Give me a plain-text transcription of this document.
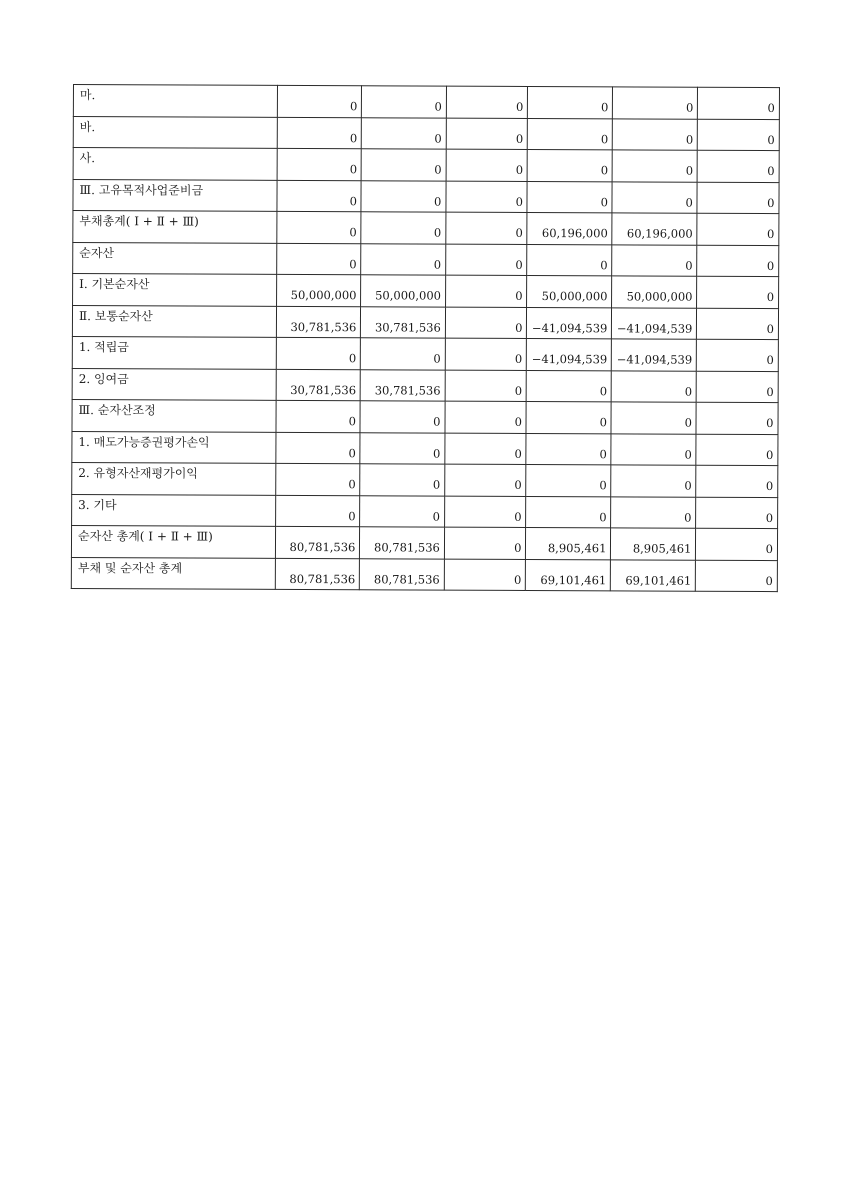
마.	0	0	0	0	0	0
바.	0	0	0	0	0	0
사.	0	0	0	0	0	0
Ⅲ. 고유목적사업준비금	0	0	0	0	0	0
부채총계( Ⅰ + Ⅱ + Ⅲ)	0	0	0	60,196,000	60,196,000	0
순자산	0	0	0	0	0	0
Ⅰ. 기본순자산	50,000,000	50,000,000	0	50,000,000	50,000,000	0
Ⅱ. 보통순자산	30,781,536	30,781,536	0	−41,094,539	−41,094,539	0
1. 적립금	0	0	0	−41,094,539	−41,094,539	0
2. 잉여금	30,781,536	30,781,536	0	0	0	0
Ⅲ. 순자산조정	0	0	0	0	0	0
1. 매도가능증권평가손익	0	0	0	0	0	0
2. 유형자산재평가이익	0	0	0	0	0	0
3. 기타	0	0	0	0	0	0
순자산 총계( Ⅰ + Ⅱ + Ⅲ)	80,781,536	80,781,536	0	8,905,461	8,905,461	0
부채 및 순자산 총계	80,781,536	80,781,536	0	69,101,461	69,101,461	0
